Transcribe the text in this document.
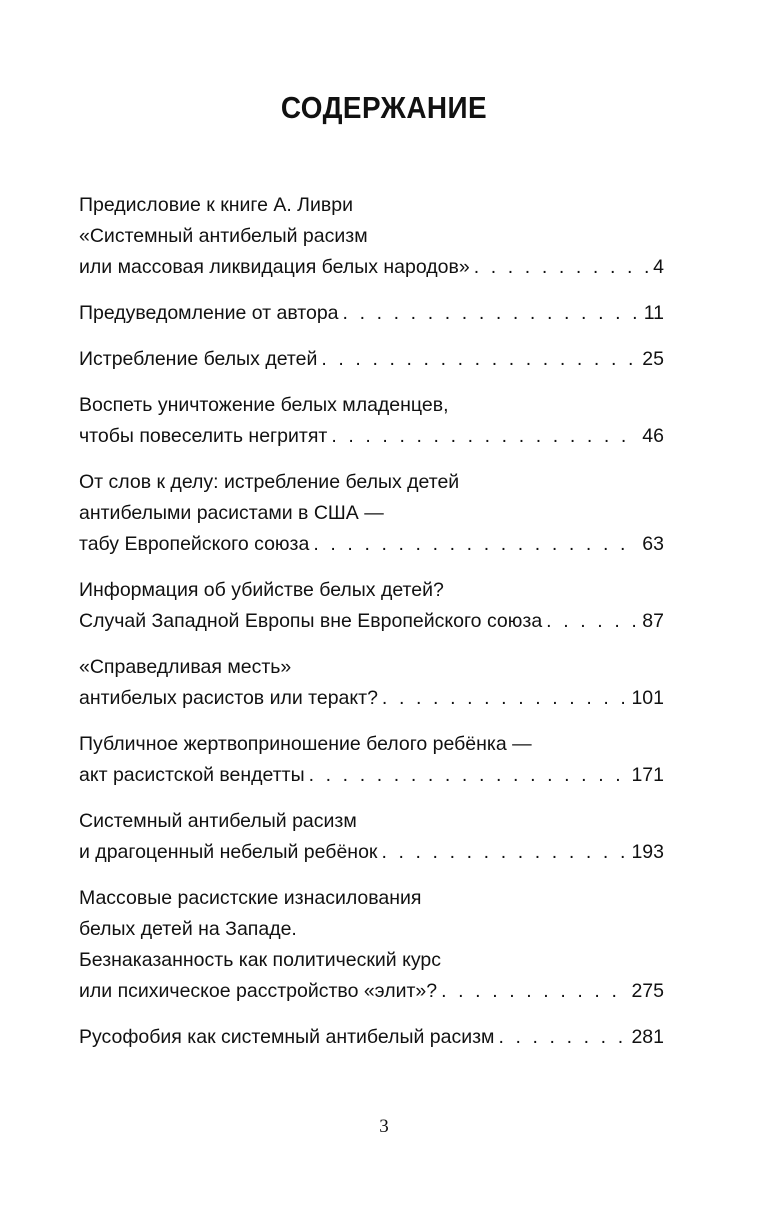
СОДЕРЖАНИЕ
Предисловие к книге А. Ливри
«Системный антибелый расизм
или массовая ликвидация белых народов» . . .	4
Предуведомление от автора . . .	11
Истребление белых детей . . .	25
Воспеть уничтожение белых младенцев,
чтобы повеселить негритят . . .	46
От слов к делу: истребление белых детей
антибелыми расистами в США —
табу Европейского союза . . .	63
Информация об убийстве белых детей?
Случай Западной Европы вне Европейского союза . . .	87
«Справедливая месть»
антибелых расистов или теракт? . . .	101
Публичное жертвоприношение белого ребёнка —
акт расистской вендетты . . .	171
Системный антибелый расизм
и драгоценный небелый ребёнок . . .	193
Массовые расистские изнасилования
белых детей на Западе.
Безнаказанность как политический курс
или психическое расстройство «элит»? . . .	275
Русофобия как системный антибелый расизм . . .	281
3
